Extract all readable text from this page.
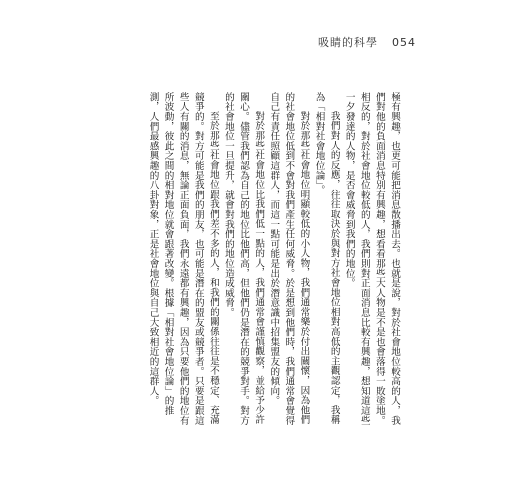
吸睛的科學 054

極有興趣，也更可能把消息散播出去。也就是說，對於社會地位較高的人，我們對他的負面消息特別有興趣，想看看那些大人物是不是也會落得一敗塗地。相反的，對於社會地位較低的人，我們則對正面消息比較有興趣，想知道這些一夕發達的人物，是否會威脅到我們的地位。

我們對人的反應，往往取決於與對方社會地位相對高低的主觀認定，我稱為「相對社會地位論」。

對於那些社會地位明顯較低的小人物，我們通常樂於付出關懷，因為他們的社會地位低到不會對我們產生任何威脅。於是想到他們時，我們通常會覺得自己有責任照顧這群人，而這一點可能是出於潛意識中招集盟友的傾向。

對於那些社會地位比我們低一點的人，我們通常會謹慎觀察，並給予少許關心。儘管我們認為自己的地位比他們高，但他們仍是潛在的競爭對手。對方的社會地位一旦提升，就會對我們的地位造成威脅。

至於那些社會地位跟我們差不多的人，和我們的關係往往是不穩定、充滿競爭的。對方可能是我們的朋友，也可能是潛在的盟友或競爭者。只要是跟這些人有關的消息，無論正面負面，我們永遠都有興趣，因為只要他們的地位有所波動，彼此之間的相對地位就會跟著改變。根據「相對社會地位論」的推測，人們最感興趣的八卦對象，正是社會地位與自己大致相近的這群人。
